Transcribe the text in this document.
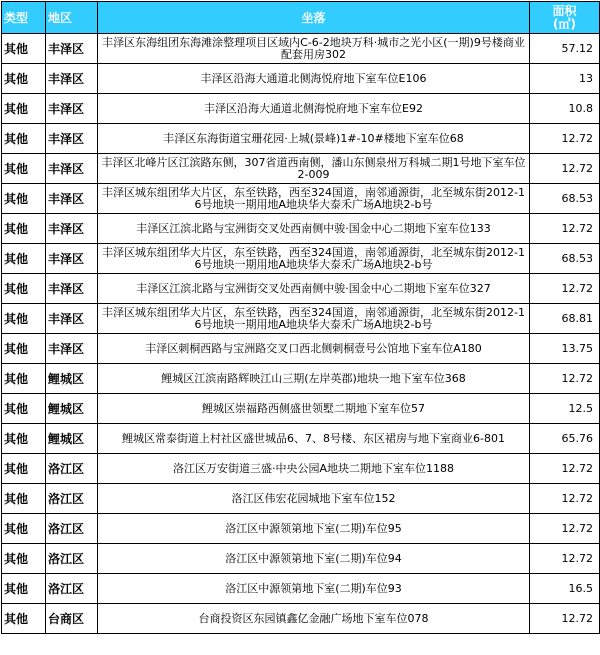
类型	地区	坐落	面积
(㎡)
其他	丰泽区	丰泽区东海组团东海滩涂整理项目区域内C-6-2地块万科·城市之光小区(一期)9号楼商业 配套用房302	57.12
其他	丰泽区	丰泽区沿海大通道北侧海悦府地下室车位E106	13
其他	丰泽区	丰泽区沿海大通道北侧海悦府地下室车位E92	10.8
其他	丰泽区	丰泽区东海街道宝珊花园·上城(景峰)1#-10#楼地下室车位68	12.72
其他	丰泽区	丰泽区北峰片区江滨路东侧，307省道西南侧，潘山东侧泉州万科城二期1号地下室车位2-009	12.72
其他	丰泽区	丰泽区城东组团华大片区，东至铁路，西至324国道，南邻通源街，北至城东街2012-16号地块一期用地A地块华大泰禾广场A地块2-b号	68.53
其他	丰泽区	丰泽区江滨北路与宝洲街交叉处西南侧中骏·国金中心二期地下室车位133	12.72
其他	丰泽区	丰泽区城东组团华大片区，东至铁路，西至324国道，南邻通源街，北至城东街2012-16号地块一期用地A地块华大泰禾广场A地块2-b号	68.53
其他	丰泽区	丰泽区江滨北路与宝洲街交叉处西南侧中骏·国金中心二期地下室车位327	12.72
其他	丰泽区	丰泽区城东组团华大片区，东至铁路，西至324国道，南邻通源街，北至城东街2012-16号地块一期用地A地块华大泰禾广场A地块2-b号	68.81
其他	丰泽区	丰泽区刺桐西路与宝洲路交叉口西北侧刺桐壹号公馆地下室车位A180	13.75
其他	鲤城区	鲤城区江滨南路辉映江山三期(左岸英郡)地块一地下室车位368	12.72
其他	鲤城区	鲤城区崇福路西侧盛世领墅二期地下室车位57	12.5
其他	鲤城区	鲤城区常泰街道上村社区盛世城品6、7、8号楼、东区裙房与地下室商业6-801	65.76
其他	洛江区	洛江区万安街道三盛·中央公园A地块二期地下室车位1188	12.72
其他	洛江区	洛江区伟宏花园城地下室车位152	12.72
其他	洛江区	洛江区中源领第地下室(二期)车位95	12.72
其他	洛江区	洛江区中源领第地下室(二期)车位94	12.72
其他	洛江区	洛江区中源领第地下室(二期)车位93	16.5
其他	台商区	台商投资区东园镇鑫亿金融广场地下室车位078	12.72
